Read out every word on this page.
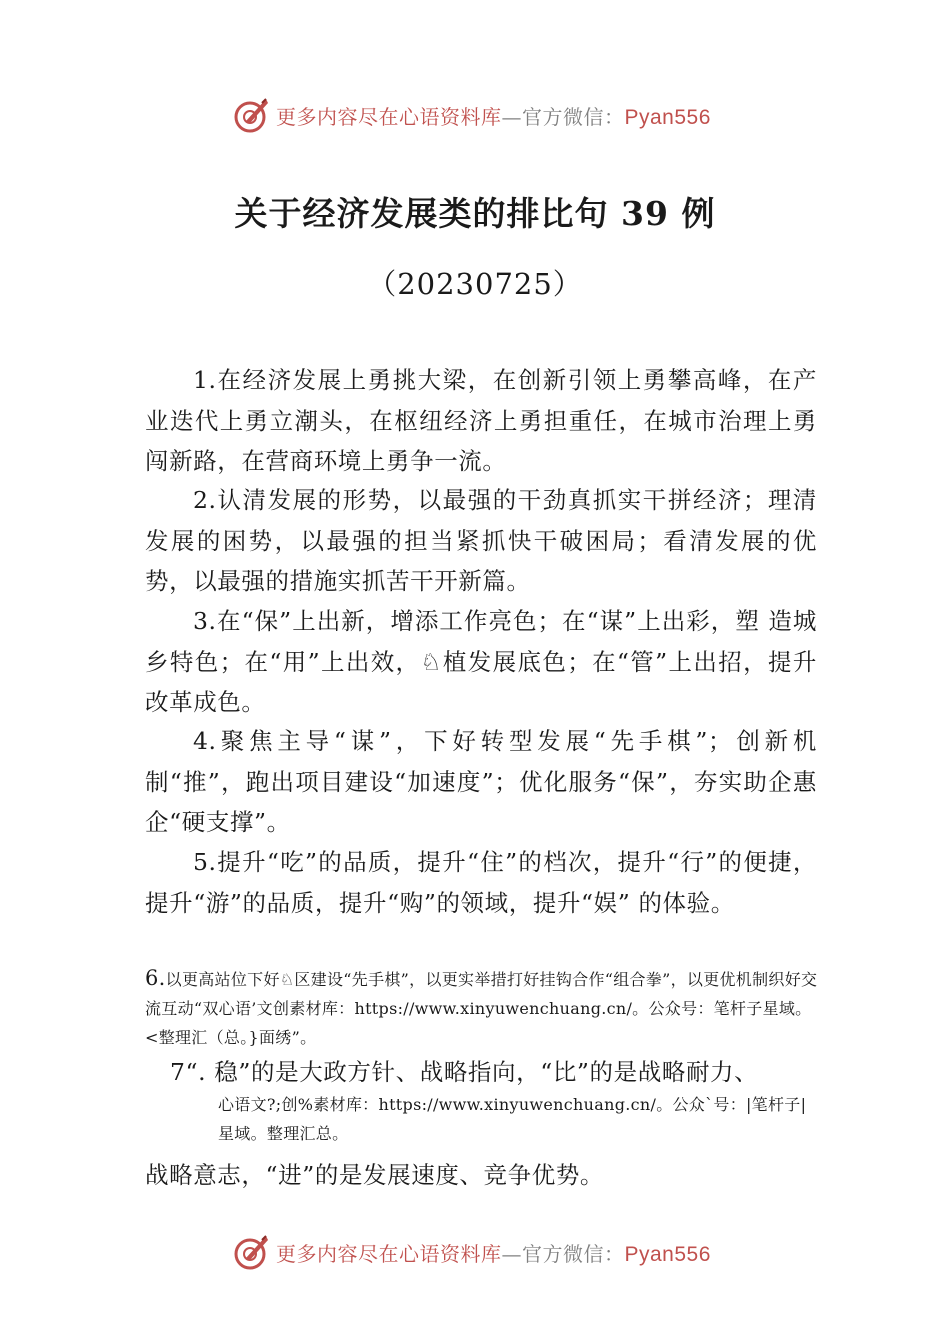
更多内容尽在心语资料库—官方微信：Pyan556
关于经济发展类的排比句 39 例
（20230725）

1.在经济发展上勇挑大梁，在创新引领上勇攀高峰，在产业迭代上勇立潮头，在枢纽经济上勇担重任，在城市治理上勇闯新路，在营商环境上勇争一流。

2.认清发展的形势，以最强的干劲真抓实干拼经济；理清发展的困势，以最强的担当紧抓快干破困局；看清发展的优势，以最强的措施实抓苦干开新篇。

3.在“保”上出新，增添工作亮色；在“谋”上出彩，塑 造城乡特色；在“用”上出效，♘植发展底色；在“管”上出招，提升改革成色。

4.聚焦主导“谋”，下好转型发展“先手棋”；创新机制“推”，跑出项目建设“加速度”；优化服务“保”，夯实助企惠企“硬支撑”。

5.提升“吃”的品质，提升“住”的档次，提升“行”的便捷，提升“游”的品质，提升“购”的领域，提升“娱” 的体验。

6.以更高站位下好♘区建设“先手棋”，以更实举措打好挂钩合作“组合拳”，以更优机制织好交流互动“双心语’文创素材库：https://www.xinyuwenchuang.cn/。公众号：笔杆子星域。<整理汇（总。}面绣”。

7“. 稳”的是大政方针、战略指向，“比”的是战略耐力、
心语文?;创%素材库：https://www.xinyuwenchuang.cn/。公众`号：|笔杆子|星域。整理汇总。
战略意志，“进”的是发展速度、竞争优势。
更多内容尽在心语资料库—官方微信：Pyan556
